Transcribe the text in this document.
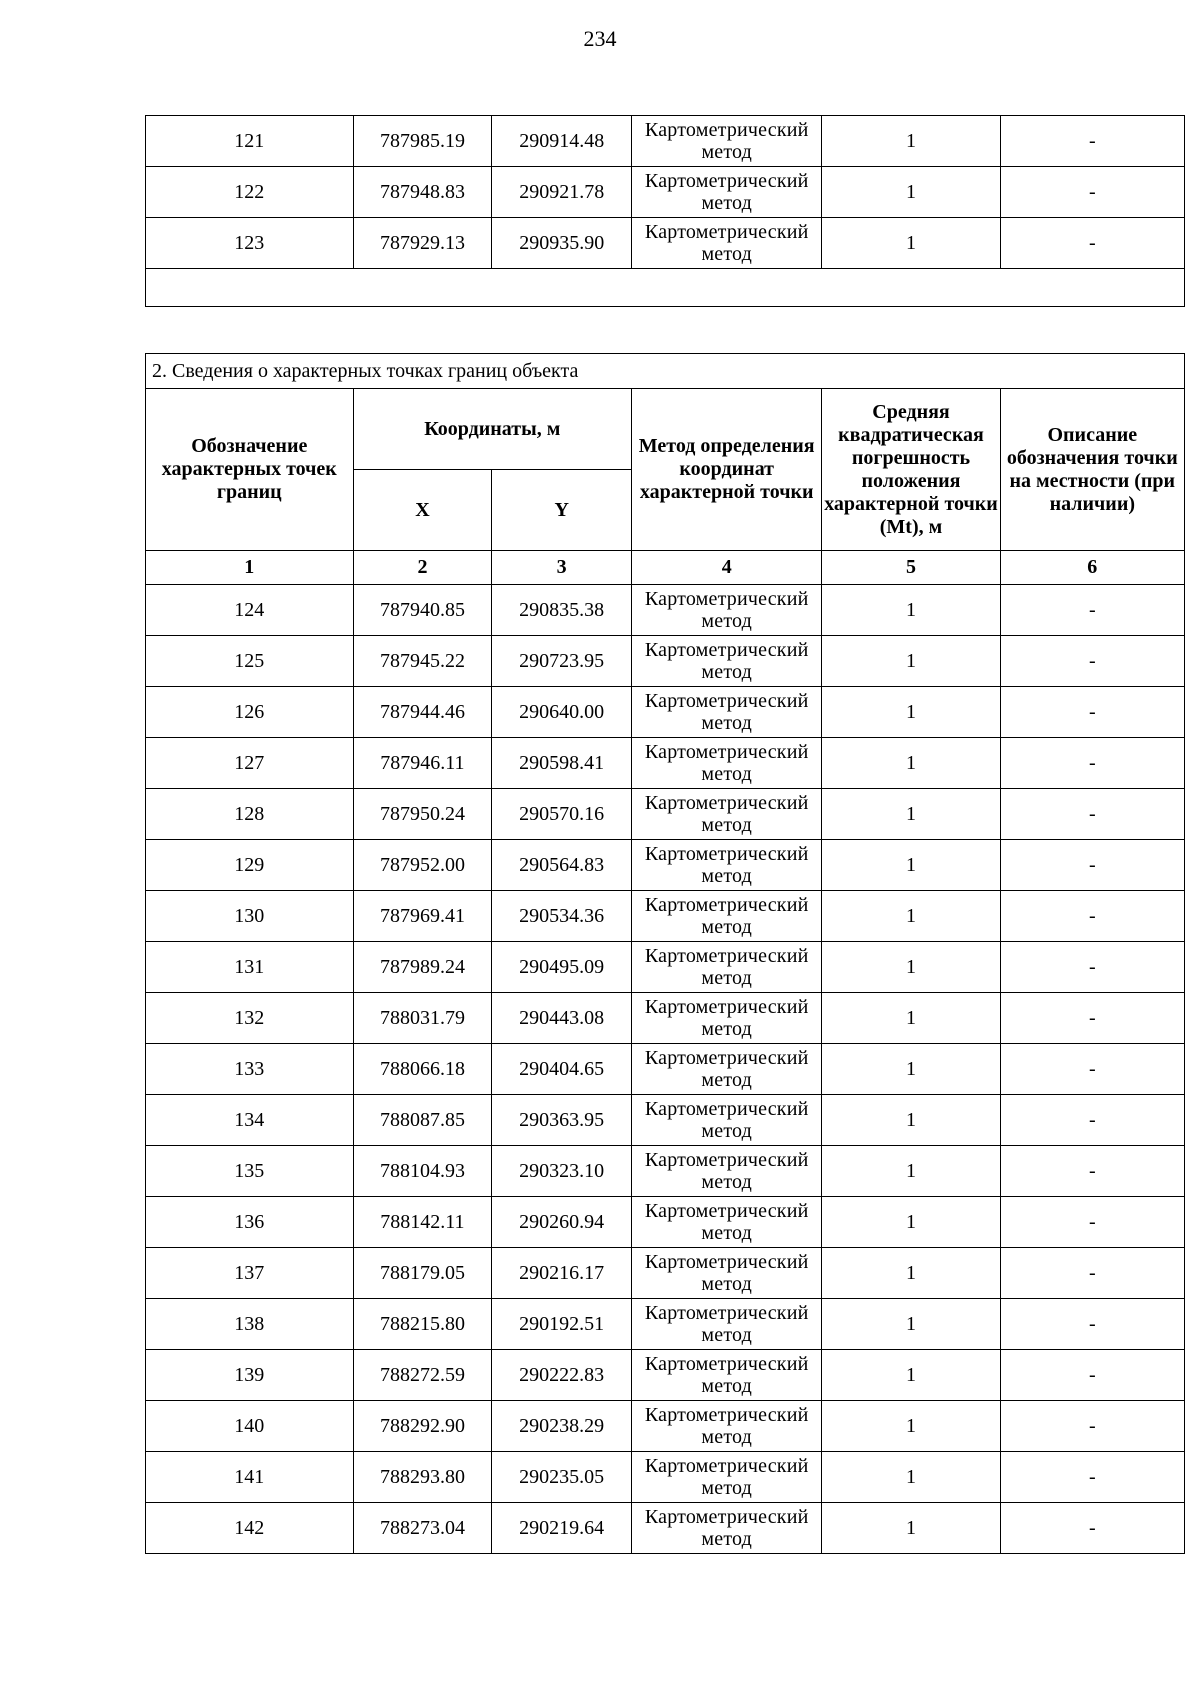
234
121	787985.19	290914.48	Картометрический метод	1	-
122	787948.83	290921.78	Картометрический метод	1	-
123	787929.13	290935.90	Картометрический метод	1	-

2. Сведения о характерных точках границ объекта					
Обозначение характерных точек границ	Координаты, м		Метод определения координат характерной точки	Средняя квадратическая погрешность положения характерной точки (Mt), м	Описание обозначения точки на местности (при наличии)
	X	Y			
1	2	3	4	5	6
124	787940.85	290835.38	Картометрический метод	1	-
125	787945.22	290723.95	Картометрический метод	1	-
126	787944.46	290640.00	Картометрический метод	1	-
127	787946.11	290598.41	Картометрический метод	1	-
128	787950.24	290570.16	Картометрический метод	1	-
129	787952.00	290564.83	Картометрический метод	1	-
130	787969.41	290534.36	Картометрический метод	1	-
131	787989.24	290495.09	Картометрический метод	1	-
132	788031.79	290443.08	Картометрический метод	1	-
133	788066.18	290404.65	Картометрический метод	1	-
134	788087.85	290363.95	Картометрический метод	1	-
135	788104.93	290323.10	Картометрический метод	1	-
136	788142.11	290260.94	Картометрический метод	1	-
137	788179.05	290216.17	Картометрический метод	1	-
138	788215.80	290192.51	Картометрический метод	1	-
139	788272.59	290222.83	Картометрический метод	1	-
140	788292.90	290238.29	Картометрический метод	1	-
141	788293.80	290235.05	Картометрический метод	1	-
142	788273.04	290219.64	Картометрический метод	1	-
